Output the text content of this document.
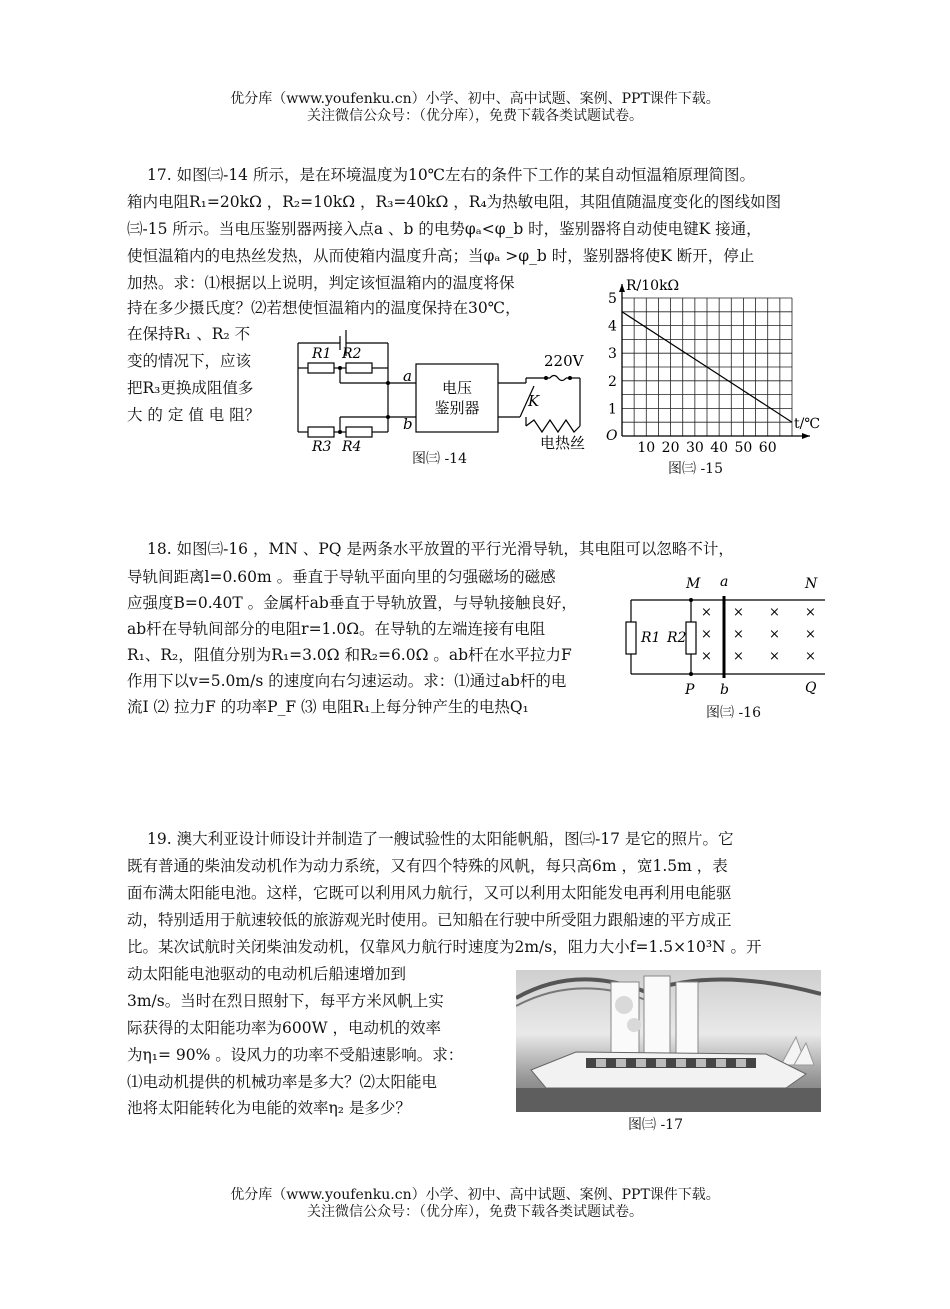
优分库（www.youfenku.cn）小学、初中、高中试题、案例、PPT课件下载。
关注微信公众号：（优分库），免费下载各类试题试卷。
17. 如图㈢-14 所示，是在环境温度为10℃左右的条件下工作的某自动恒温箱原理简图。
箱内电阻R₁=20kΩ ，R₂=10kΩ ，R₃=40kΩ ，R₄为热敏电阻，其阻值随温度变化的图线如图
㈢-15 所示。当电压鉴别器两接入点a 、b 的电势φₐ<φ_b 时，鉴别器将自动使电键K 接通，
使恒温箱内的电热丝发热，从而使箱内温度升高；当φₐ >φ_b 时，鉴别器将使K 断开，停止
加热。求：⑴根据以上说明，判定该恒温箱内的温度将保
持在多少摄氏度？⑵若想使恒温箱内的温度保持在30℃，
在保持R₁ 、R₂ 不
变的情况下，应该
把R₃更换成阻值多
大 的 定 值 电 阻？
R1 R2
R3 R4
a
b
电压
鉴别器
220V
K
电热丝
图㈢ -14
1
2
3
4
5
10 20 30 40 50 60
O
R/10kΩ
t/℃
图㈢ -15
18. 如图㈢-16 ，MN 、PQ 是两条水平放置的平行光滑导轨，其电阻可以忽略不计，
导轨间距离l=0.60m 。垂直于导轨平面向里的匀强磁场的磁感
应强度B=0.40T 。金属杆ab垂直于导轨放置，与导轨接触良好，
ab杆在导轨间部分的电阻r=1.0Ω。在导轨的左端连接有电阻
R₁、R₂，阻值分别为R₁=3.0Ω 和R₂=6.0Ω 。ab杆在水平拉力F
作用下以v=5.0m/s 的速度向右匀速运动。求：⑴通过ab杆的电
流I ⑵ 拉力F 的功率P_F ⑶ 电阻R₁上每分钟产生的电热Q₁
M a	N
P b	Q
R1 R2
× × × ×
× × × ×
× × × ×
图㈢ -16
19. 澳大利亚设计师设计并制造了一艘试验性的太阳能帆船，图㈢-17 是它的照片。它
既有普通的柴油发动机作为动力系统，又有四个特殊的风帆，每只高6m ，宽1.5m ，表
面布满太阳能电池。这样，它既可以利用风力航行，又可以利用太阳能发电再利用电能驱
动，特别适用于航速较低的旅游观光时使用。已知船在行驶中所受阻力跟船速的平方成正
比。某次试航时关闭柴油发动机，仅靠风力航行时速度为2m/s，阻力大小f=1.5×10³N 。开
动太阳能电池驱动的电动机后船速增加到
3m/s。当时在烈日照射下，每平方米风帆上实
际获得的太阳能功率为600W ，电动机的效率
为η₁= 90% 。设风力的功率不受船速影响。求：
⑴电动机提供的机械功率是多大？⑵太阳能电
池将太阳能转化为电能的效率η₂ 是多少？
图㈢ -17
优分库（www.youfenku.cn）小学、初中、高中试题、案例、PPT课件下载。
关注微信公众号：（优分库），免费下载各类试题试卷。
